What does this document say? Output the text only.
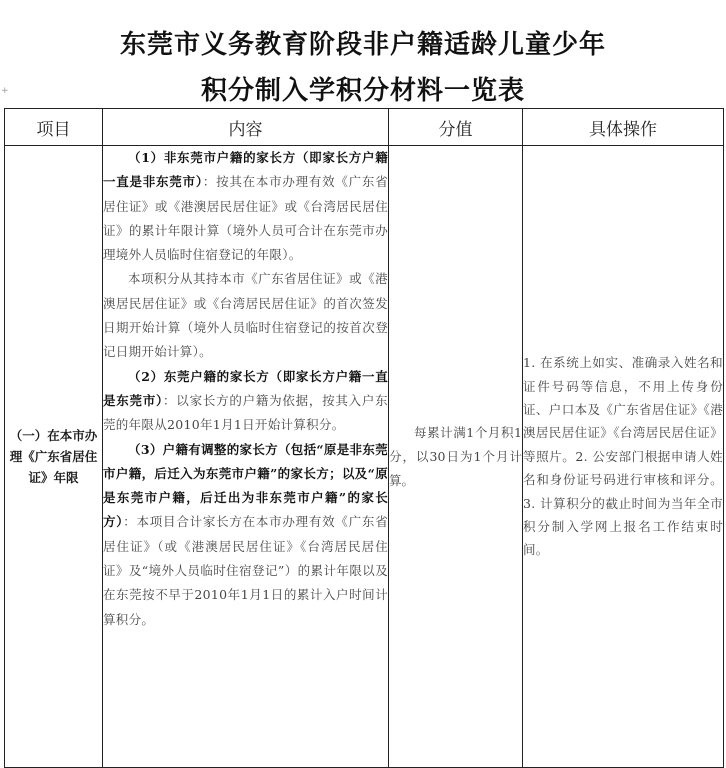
东莞市义务教育阶段非户籍适龄儿童少年
积分制入学积分材料一览表
+
项目	内容	分值	具体操作
（一）在本市办理《广东省居住证》年限	（1）非东莞市户籍的家长方（即家长方户籍一直是非东莞市）：按其在本市办理有效《广东省居住证》或《港澳居民居住证》或《台湾居民居住证》的累计年限计算（境外人员可合计在东莞市办理境外人员临时住宿登记的年限）。

本项积分从其持本市《广东省居住证》或《港澳居民居住证》或《台湾居民居住证》的首次签发日期开始计算（境外人员临时住宿登记的按首次登记日期开始计算）。

（2）东莞户籍的家长方（即家长方户籍一直是东莞市）：以家长方的户籍为依据，按其入户东莞的年限从2010年1月1日开始计算积分。

（3）户籍有调整的家长方（包括“原是非东莞市户籍，后迁入为东莞市户籍”的家长方；以及“原是东莞市户籍，后迁出为非东莞市户籍”的家长方）：本项目合计家长方在本市办理有效《广东省居住证》（或《港澳居民居住证》《台湾居民居住证》及“境外人员临时住宿登记”）的累计年限以及在东莞按不早于2010年1月1日的累计入户时间计算积分。	每累计满1个月积1分，以30日为1个月计算。	1. 在系统上如实、准确录入姓名和证件号码等信息，不用上传身份证、户口本及《广东省居住证》《港澳居民居住证》《台湾居民居住证》等照片。2. 公安部门根据申请人姓名和身份证号码进行审核和评分。3. 计算积分的截止时间为当年全市积分制入学网上报名工作结束时间。
